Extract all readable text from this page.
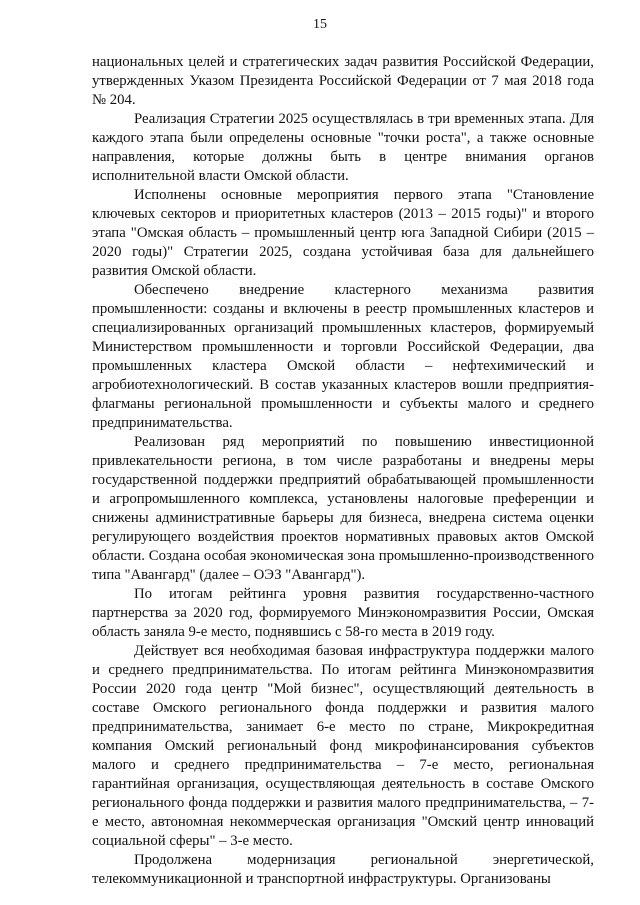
15

национальных целей и стратегических задач развития Российской Федерации, утвержденных Указом Президента Российской Федерации от 7 мая 2018 года № 204.

Реализация Стратегии 2025 осуществлялась в три временных этапа. Для каждого этапа были определены основные "точки роста", а также основные направления, которые должны быть в центре внимания органов исполнительной власти Омской области.

Исполнены основные мероприятия первого этапа "Становление ключевых секторов и приоритетных кластеров (2013 – 2015 годы)" и второго этапа "Омская область – промышленный центр юга Западной Сибири (2015 – 2020 годы)" Стратегии 2025, создана устойчивая база для дальнейшего развития Омской области.

Обеспечено внедрение кластерного механизма развития промышленности: созданы и включены в реестр промышленных кластеров и специализированных организаций промышленных кластеров, формируемый Министерством промышленности и торговли Российской Федерации, два промышленных кластера Омской области – нефтехимический и агробиотехнологический. В состав указанных кластеров вошли предприятия-флагманы региональной промышленности и субъекты малого и среднего предпринимательства.

Реализован ряд мероприятий по повышению инвестиционной привлекательности региона, в том числе разработаны и внедрены меры государственной поддержки предприятий обрабатывающей промышленности и агропромышленного комплекса, установлены налоговые преференции и снижены административные барьеры для бизнеса, внедрена система оценки регулирующего воздействия проектов нормативных правовых актов Омской области. Создана особая экономическая зона промышленно-производственного типа "Авангард" (далее – ОЭЗ "Авангард").

По итогам рейтинга уровня развития государственно-частного партнерства за 2020 год, формируемого Минэкономразвития России, Омская область заняла 9-е место, поднявшись с 58-го места в 2019 году.

Действует вся необходимая базовая инфраструктура поддержки малого и среднего предпринимательства. По итогам рейтинга Минэкономразвития России 2020 года центр "Мой бизнес", осуществляющий деятельность в составе Омского регионального фонда поддержки и развития малого предпринимательства, занимает 6-е место по стране, Микрокредитная компания Омский региональный фонд микрофинансирования субъектов малого и среднего предпринимательства – 7-е место, региональная гарантийная организация, осуществляющая деятельность в составе Омского регионального фонда поддержки и развития малого предпринимательства, – 7-е место, автономная некоммерческая организация "Омский центр инноваций социальной сферы" – 3-е место.

Продолжена модернизация региональной энергетической, телекоммуникационной и транспортной инфраструктуры. Организованы
